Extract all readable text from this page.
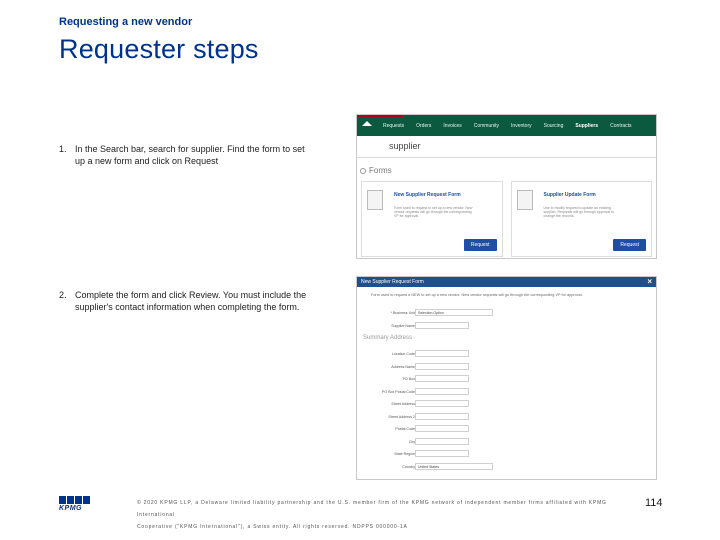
Requesting a new vendor
Requester steps
1. In the Search bar, search for supplier. Find the form to set
up a new form and click on Request
2. Complete the form and click Review. You must include the
supplier's contact information when completing the form.
Requests	Orders	Invoices	Community	Inventory	Sourcing	Suppliers	Contracts
supplier
Forms
New Supplier Request Form
Form used to request to set up a new vendor. New vendor requests will go through the corresponding VP for approval.
Request
Supplier Update Form
Use to modify request to update an existing supplier. Requests will go through approval to change the records.
Request
New Supplier Request Form	×
Form used to request a NEW to set up a new vendor. New vendor requests will go through the corresponding VP for approval.
Summary Address
* Business Unit Selection Option
Supplier Name
Location Code
Address Name
PO Box
PO Box Postal Code
Street Address
Street Address 2
Postal Code
City
State Region
Country United States
KPMG
© 2020 KPMG LLP, a Delaware limited liability partnership and the U.S. member firm of the KPMG network of independent member firms affiliated with KPMG International
Cooperative ("KPMG International"), a Swiss entity. All rights reserved. NDPPS 000000-1A
114
